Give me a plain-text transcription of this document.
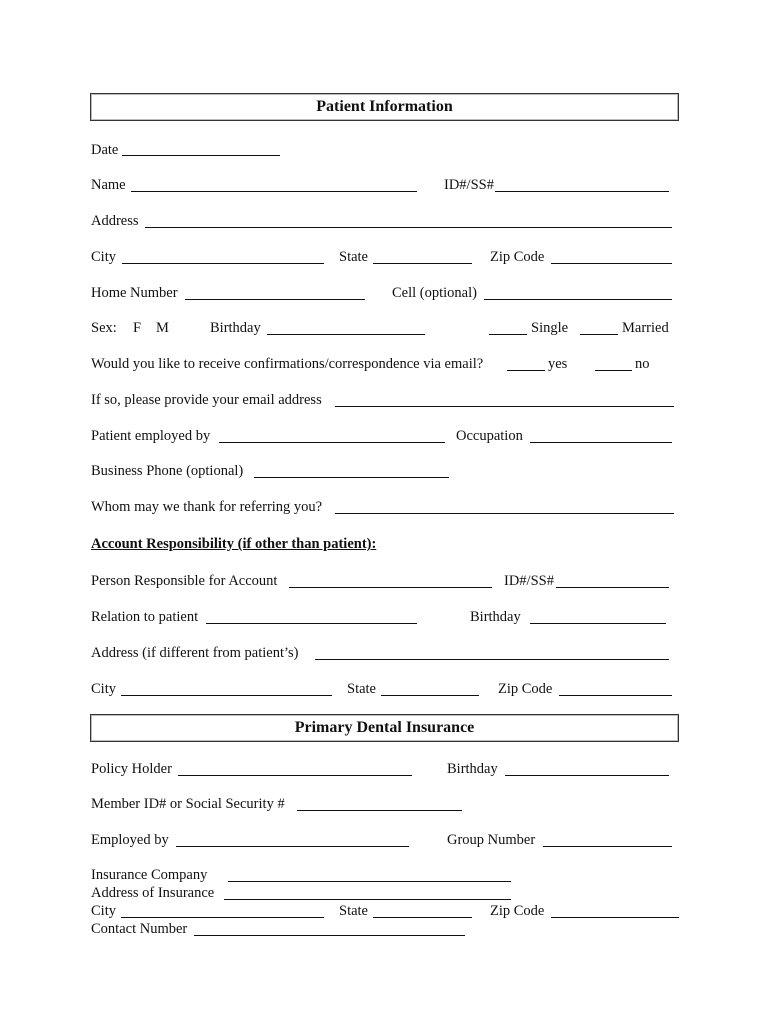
Patient Information
Date
Name	ID#/SS#
Address
City	State	Zip Code
Home Number	Cell (optional)
Sex: F M	Birthday	Single	Married
Would you like to receive confirmations/correspondence via email?	yes	no
If so, please provide your email address
Patient employed by	Occupation
Business Phone (optional)
Whom may we thank for referring you?
Account Responsibility (if other than patient):
Person Responsible for Account	ID#/SS#
Relation to patient	Birthday
Address (if different from patient’s)
City	State	Zip Code
Primary Dental Insurance
Policy Holder	Birthday
Member ID# or Social Security #
Employed by	Group Number
Insurance Company
Address of Insurance
City	State	Zip Code
Contact Number
